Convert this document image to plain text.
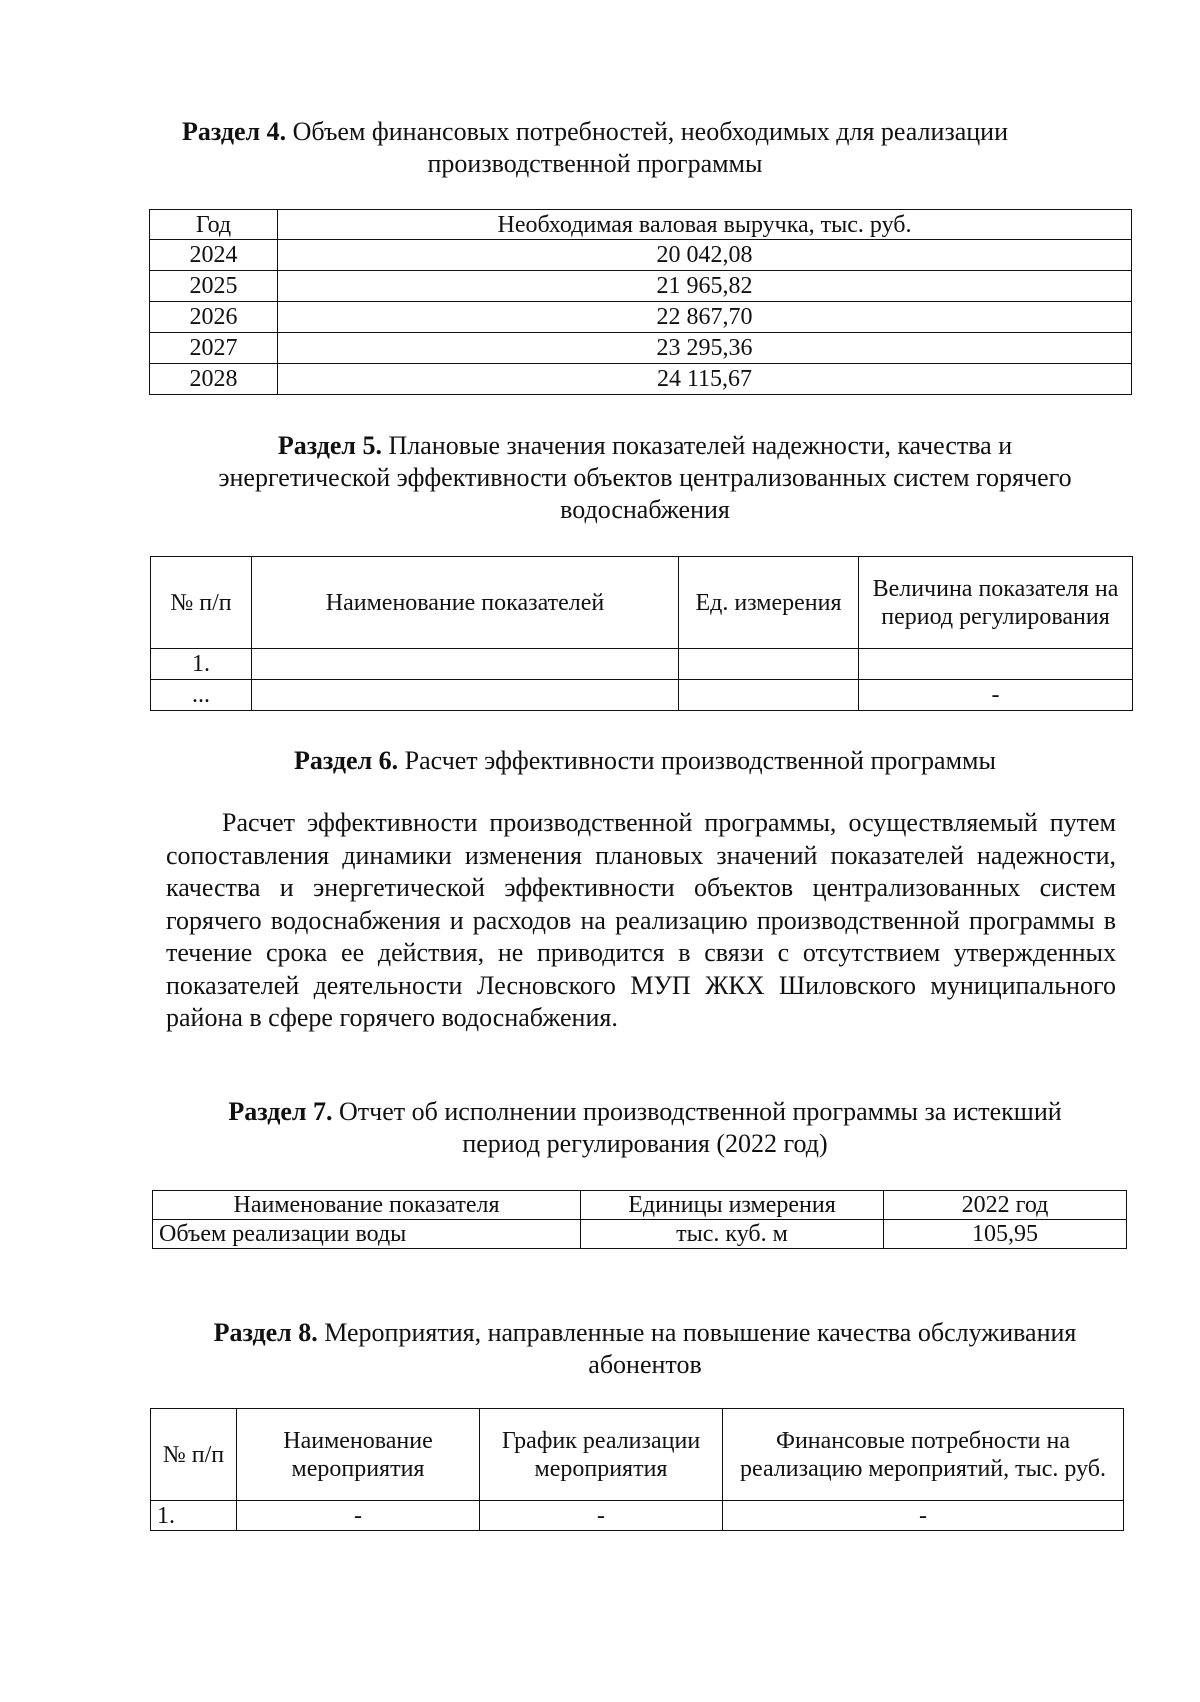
Раздел 4. Объем финансовых потребностей, необходимых для реализации
производственной программы
Год	Необходимая валовая выручка, тыс. руб.
2024	20 042,08
2025	21 965,82
2026	22 867,70
2027	23 295,36
2028	24 115,67
Раздел 5. Плановые значения показателей надежности, качества и
энергетической эффективности объектов централизованных систем горячего
водоснабжения
№ п/п	Наименование показателей	Ед. измерения	Величина показателя на период регулирования
1.			
...			-
Раздел 6. Расчет эффективности производственной программы
Расчет эффективности производственной программы, осуществляемый путем сопоставления динамики изменения плановых значений показателей надежности, качества и энергетической эффективности объектов централизованных систем горячего водоснабжения и расходов на реализацию производственной программы в течение срока ее действия, не приводится в связи с отсутствием утвержденных показателей деятельности Лесновского МУП ЖКХ Шиловского муниципального района в сфере горячего водоснабжения.
Раздел 7. Отчет об исполнении производственной программы за истекший
период регулирования (2022 год)
Наименование показателя	Единицы измерения	2022 год
Объем реализации воды	тыс. куб. м	105,95
Раздел 8. Мероприятия, направленные на повышение качества обслуживания
абонентов
№ п/п	Наименование мероприятия	График реализации мероприятия	Финансовые потребности на реализацию мероприятий, тыс. руб.
1.	-	-	-
